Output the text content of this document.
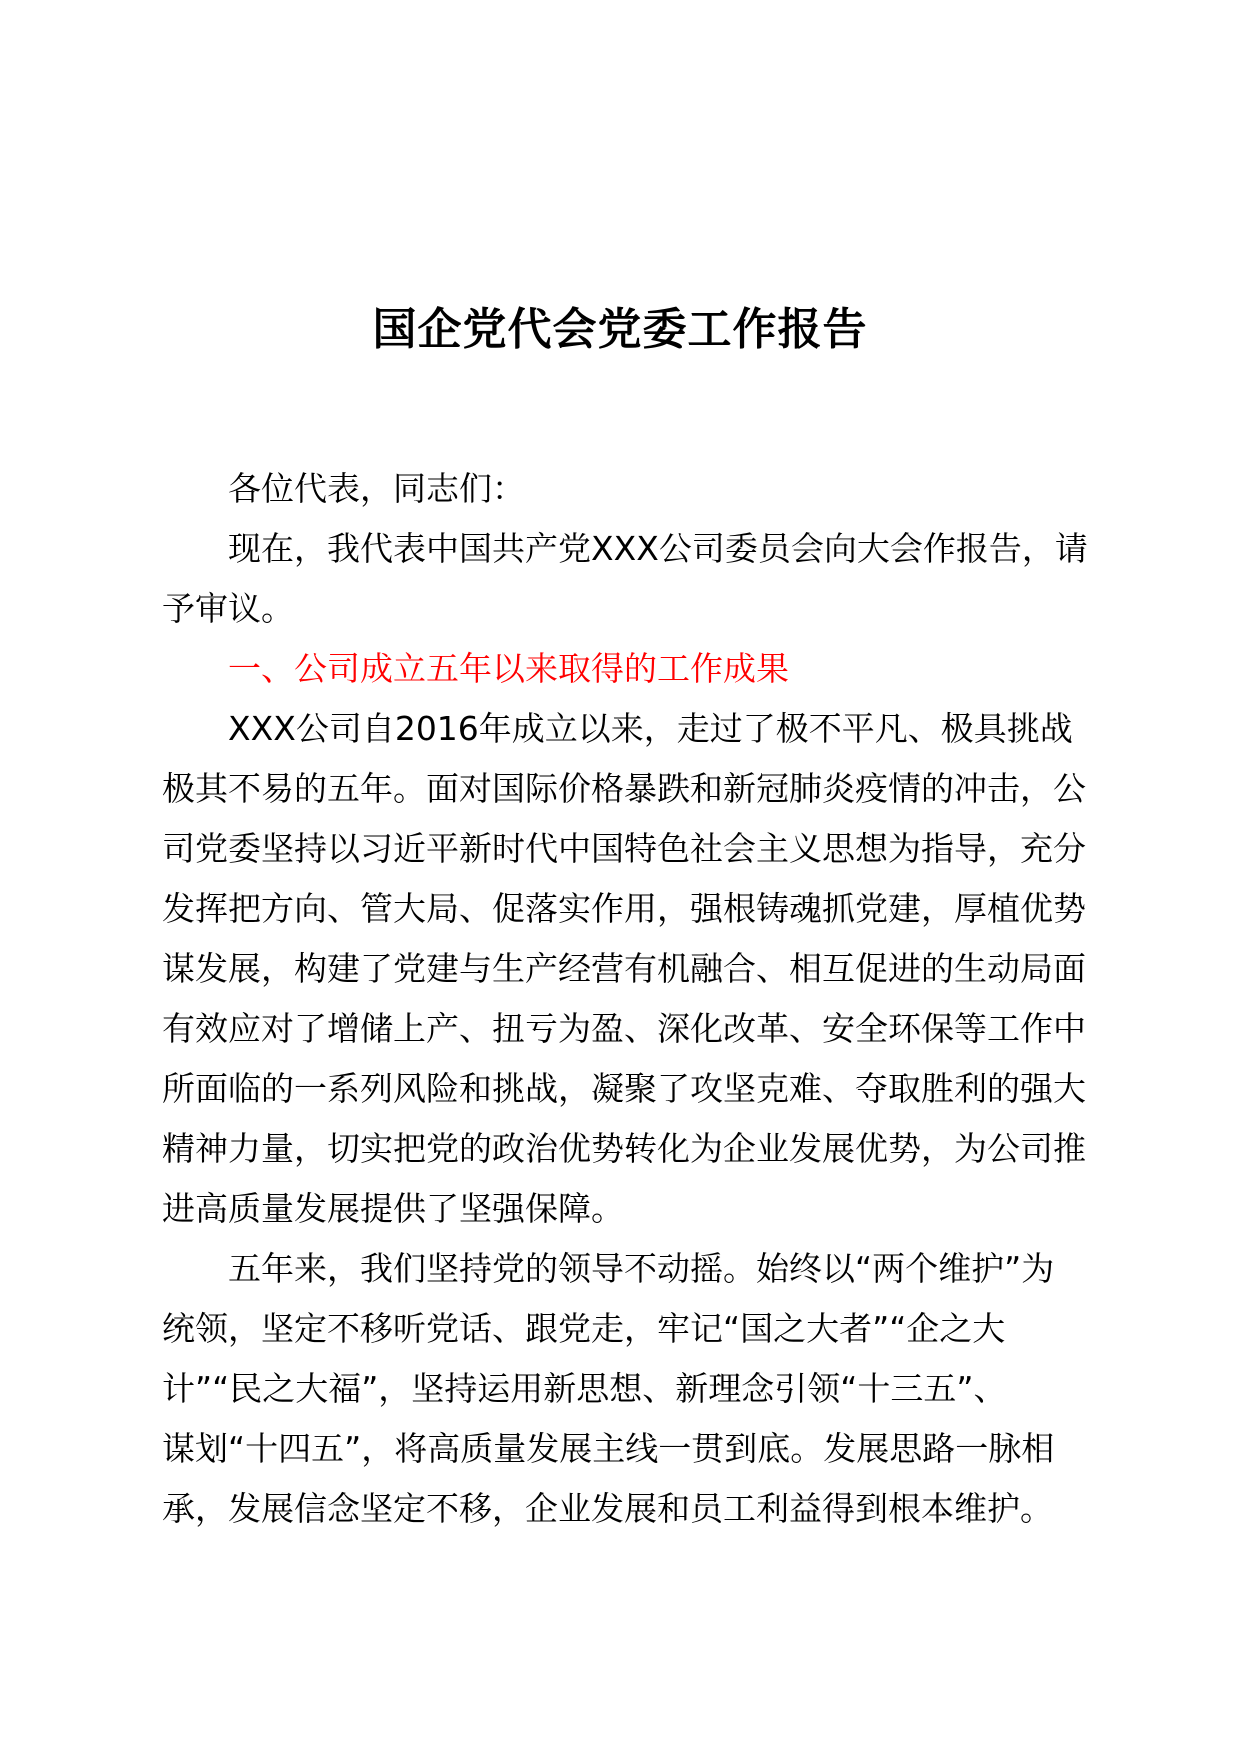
国企党代会党委工作报告
各位代表，同志们：
现在，我代表中国共产党XXX公司委员会向大会作报告，请
予审议。
一、公司成立五年以来取得的工作成果
XXX公司自2016年成立以来，走过了极不平凡、极具挑战
极其不易的五年。面对国际价格暴跌和新冠肺炎疫情的冲击，公
司党委坚持以习近平新时代中国特色社会主义思想为指导，充分
发挥把方向、管大局、促落实作用，强根铸魂抓党建，厚植优势
谋发展，构建了党建与生产经营有机融合、相互促进的生动局面
有效应对了增储上产、扭亏为盈、深化改革、安全环保等工作中
所面临的一系列风险和挑战，凝聚了攻坚克难、夺取胜利的强大
精神力量，切实把党的政治优势转化为企业发展优势，为公司推
进高质量发展提供了坚强保障。
五年来，我们坚持党的领导不动摇。始终以“两个维护”为
统领，坚定不移听党话、跟党走，牢记“国之大者”“企之大
计”“民之大福”，坚持运用新思想、新理念引领“十三五”、
谋划“十四五”，将高质量发展主线一贯到底。发展思路一脉相
承，发展信念坚定不移，企业发展和员工利益得到根本维护。
